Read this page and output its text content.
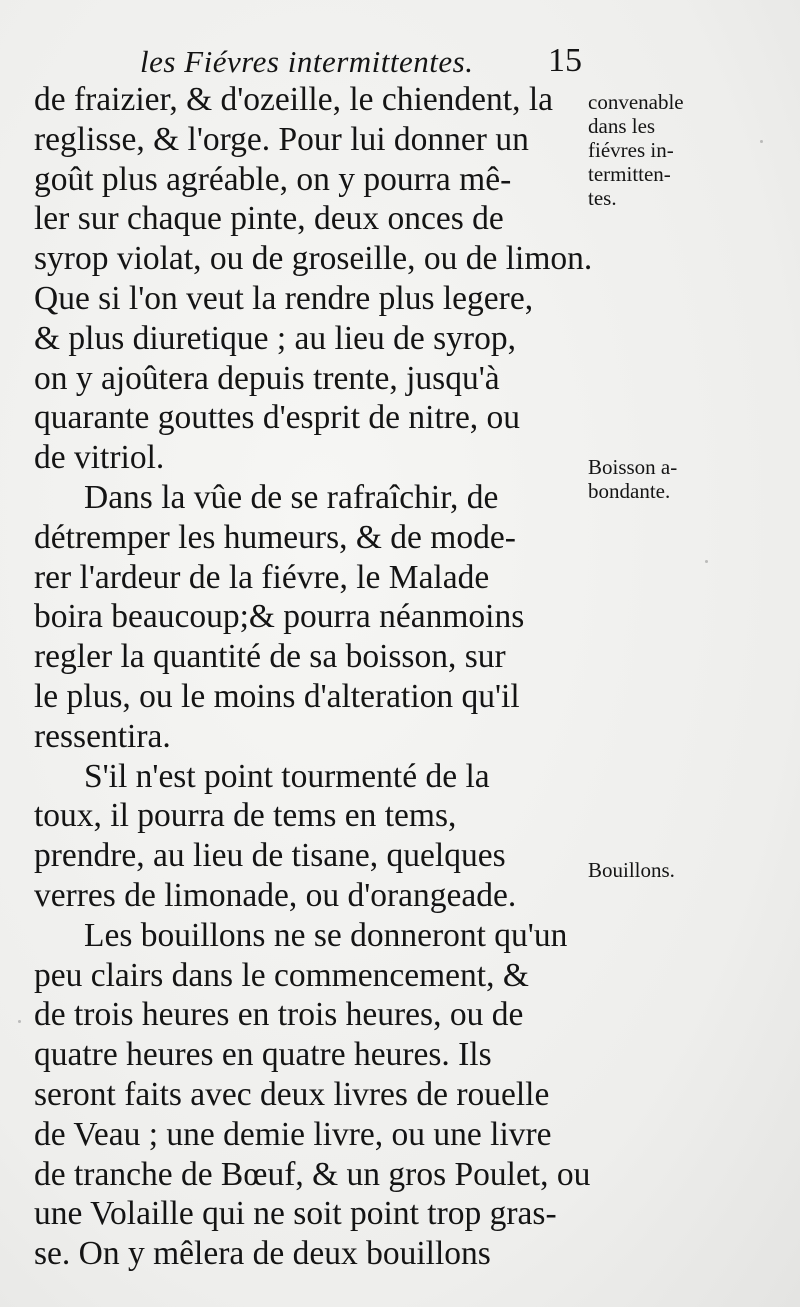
les Fiévres intermittentes. 15
de fraizier, & d'ozeille, le chiendent, la
reglisse, & l'orge. Pour lui donner un
goût plus agréable, on y pourra mê-
ler sur chaque pinte, deux onces de
syrop violat, ou de groseille, ou de limon.
Que si l'on veut la rendre plus legere,
& plus diuretique ; au lieu de syrop,
on y ajoûtera depuis trente, jusqu'à
quarante gouttes d'esprit de nitre, ou
de vitriol.
Dans la vûe de se rafraîchir, de
détremper les humeurs, & de mode-
rer l'ardeur de la fiévre, le Malade
boira beaucoup;& pourra néanmoins
regler la quantité de sa boisson, sur
le plus, ou le moins d'alteration qu'il
ressentira.
S'il n'est point tourmenté de la
toux, il pourra de tems en tems,
prendre, au lieu de tisane, quelques
verres de limonade, ou d'orangeade.
Les bouillons ne se donneront qu'un
peu clairs dans le commencement, &
de trois heures en trois heures, ou de
quatre heures en quatre heures. Ils
seront faits avec deux livres de rouelle
de Veau ; une demie livre, ou une livre
de tranche de Bœuf, & un gros Poulet, ou
une Volaille qui ne soit point trop gras-
se. On y mêlera de deux bouillons
convenable
dans les
fiévres in-
termitten-
tes.
Boisson a-
bondante.
Bouillons.
